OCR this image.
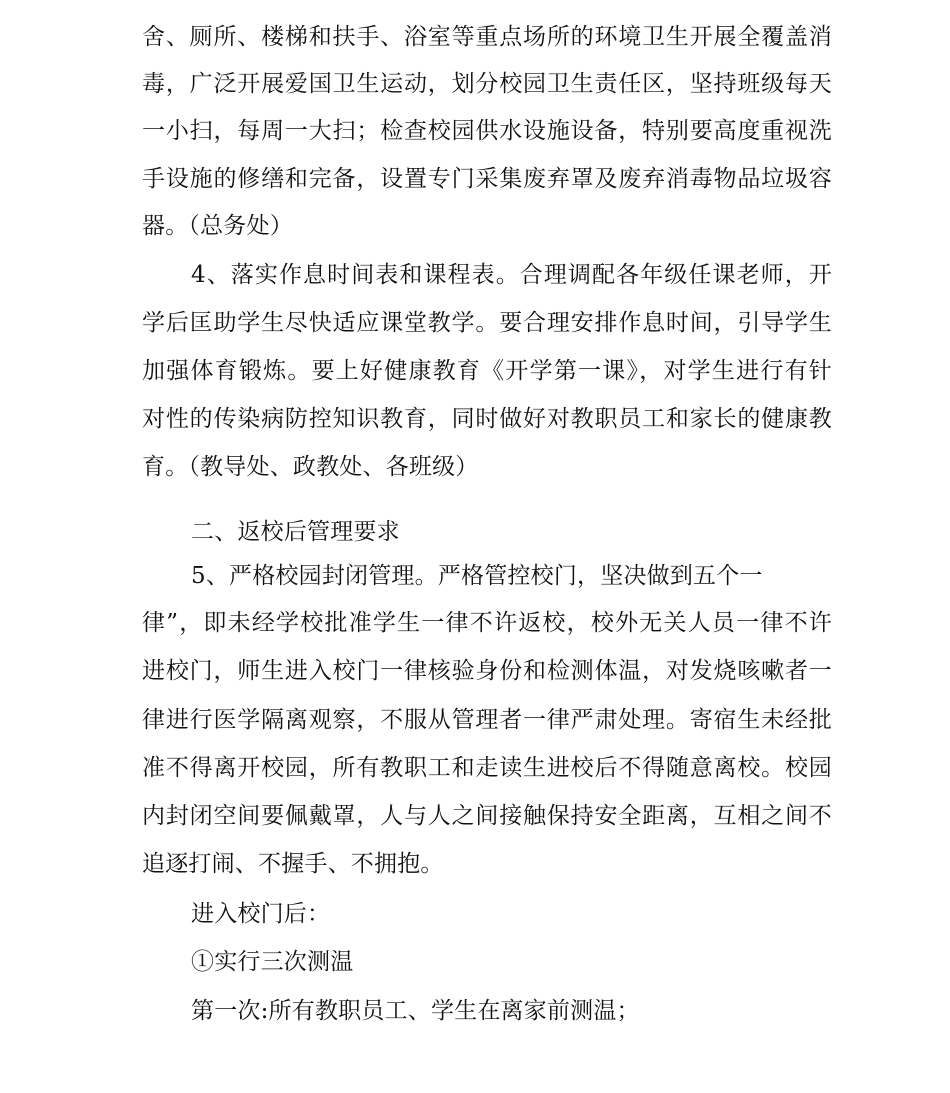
舍、厕所、楼梯和扶手、浴室等重点场所的环境卫生开展全覆盖消
毒，广泛开展爱国卫生运动，划分校园卫生责任区，坚持班级每天
一小扫，每周一大扫；检查校园供水设施设备，特别要高度重视洗
手设施的修缮和完备，设置专门采集废弃罩及废弃消毒物品垃圾容
器。（总务处）
4、落实作息时间表和课程表。合理调配各年级任课老师，开
学后匡助学生尽快适应课堂教学。要合理安排作息时间，引导学生
加强体育锻炼。要上好健康教育《开学第一课》，对学生进行有针
对性的传染病防控知识教育，同时做好对教职员工和家长的健康教
育。（教导处、政教处、各班级）
二、返校后管理要求
5、严格校园封闭管理。严格管控校门，坚决做到五个一
律”，即未经学校批准学生一律不许返校，校外无关人员一律不许
进校门，师生进入校门一律核验身份和检测体温，对发烧咳嗽者一
律进行医学隔离观察，不服从管理者一律严肃处理。寄宿生未经批
准不得离开校园，所有教职工和走读生进校后不得随意离校。校园
内封闭空间要佩戴罩，人与人之间接触保持安全距离，互相之间不
追逐打闹、不握手、不拥抱。
进入校门后：
①实行三次测温
第一次:所有教职员工、学生在离家前测温；
